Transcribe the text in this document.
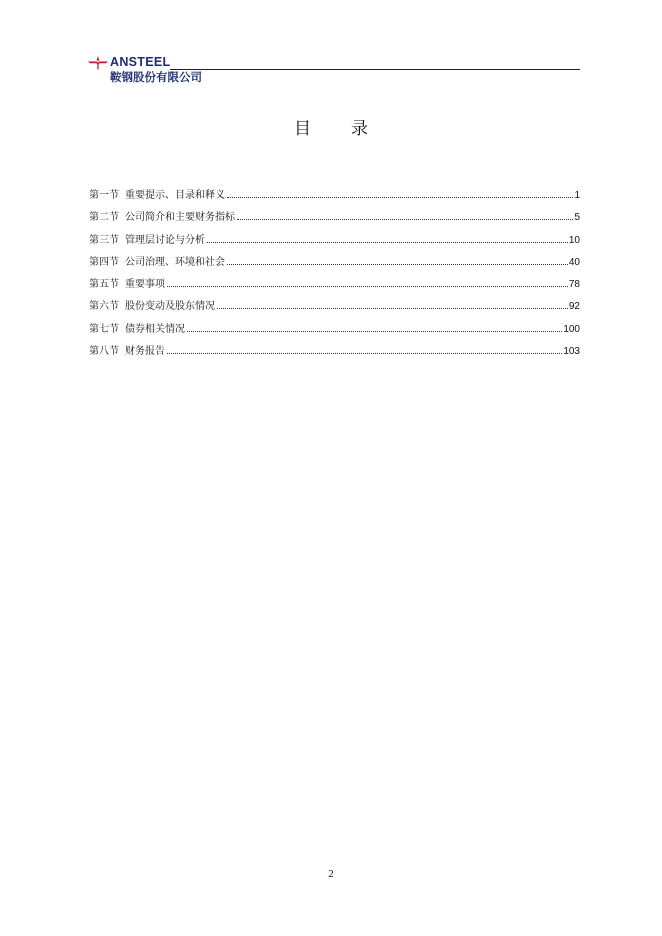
ANSTEEL
鞍钢股份有限公司
目 录
第一节 重要提示、目录和释义	1
第二节 公司简介和主要财务指标	5
第三节 管理层讨论与分析	10
第四节 公司治理、环境和社会	40
第五节 重要事项	78
第六节 股份变动及股东情况	92
第七节 债券相关情况	100
第八节 财务报告	103
2
